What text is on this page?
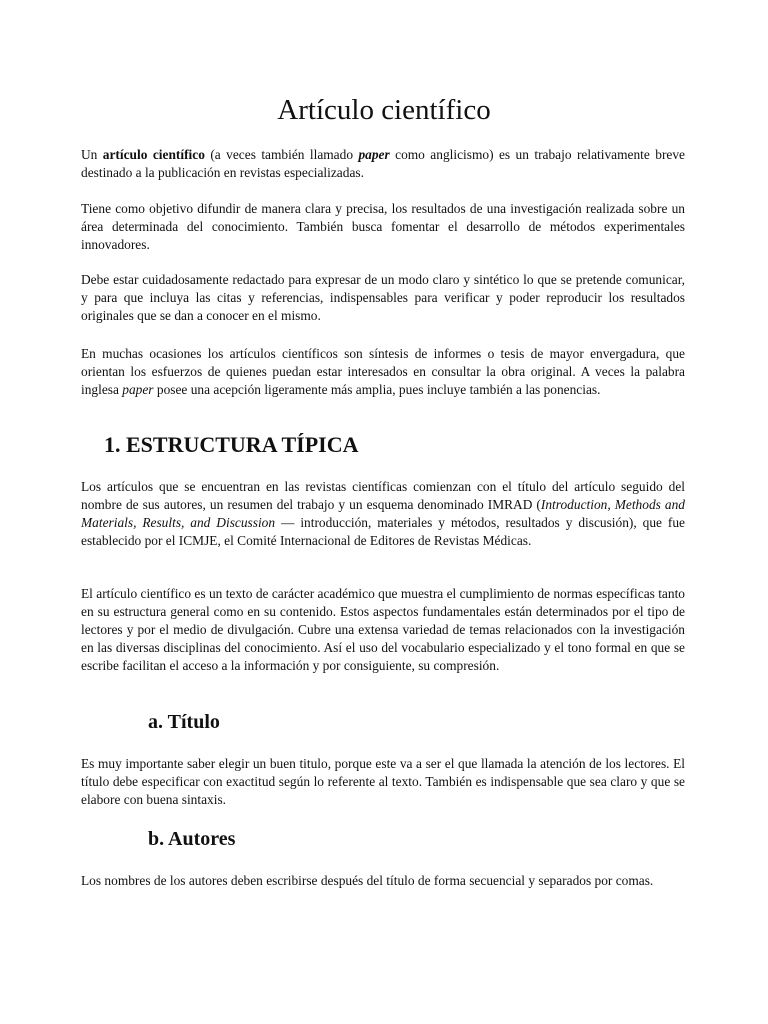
Artículo científico

Un artículo científico (a veces también llamado paper como anglicismo) es un trabajo relativamente breve destinado a la publicación en revistas especializadas.

Tiene como objetivo difundir de manera clara y precisa, los resultados de una investigación realizada sobre un área determinada del conocimiento. También busca fomentar el desarrollo de métodos experimentales innovadores.

Debe estar cuidadosamente redactado para expresar de un modo claro y sintético lo que se pretende comunicar, y para que incluya las citas y referencias, indispensables para verificar y poder reproducir los resultados originales que se dan a conocer en el mismo.

En muchas ocasiones los artículos científicos son síntesis de informes o tesis de mayor envergadura, que orientan los esfuerzos de quienes puedan estar interesados en consultar la obra original. A veces la palabra inglesa paper posee una acepción ligeramente más amplia, pues incluye también a las ponencias.

1. ESTRUCTURA TÍPICA

Los artículos que se encuentran en las revistas científicas comienzan con el título del artículo seguido del nombre de sus autores, un resumen del trabajo y un esquema denominado IMRAD (Introduction, Methods and Materials, Results, and Discussion — introducción, materiales y métodos, resultados y discusión), que fue establecido por el ICMJE, el Comité Internacional de Editores de Revistas Médicas.

El artículo científico es un texto de carácter académico que muestra el cumplimiento de normas específicas tanto en su estructura general como en su contenido. Estos aspectos fundamentales están determinados por el tipo de lectores y por el medio de divulgación. Cubre una extensa variedad de temas relacionados con la investigación en las diversas disciplinas del conocimiento. Así el uso del vocabulario especializado y el tono formal en que se escribe facilitan el acceso a la información y por consiguiente, su compresión.

a. Título

Es muy importante saber elegir un buen titulo, porque este va a ser el que llamada la atención de los lectores. El título debe especificar con exactitud según lo referente al texto. También es indispensable que sea claro y que se elabore con buena sintaxis.

b. Autores

Los nombres de los autores deben escribirse después del título de forma secuencial y separados por comas.
